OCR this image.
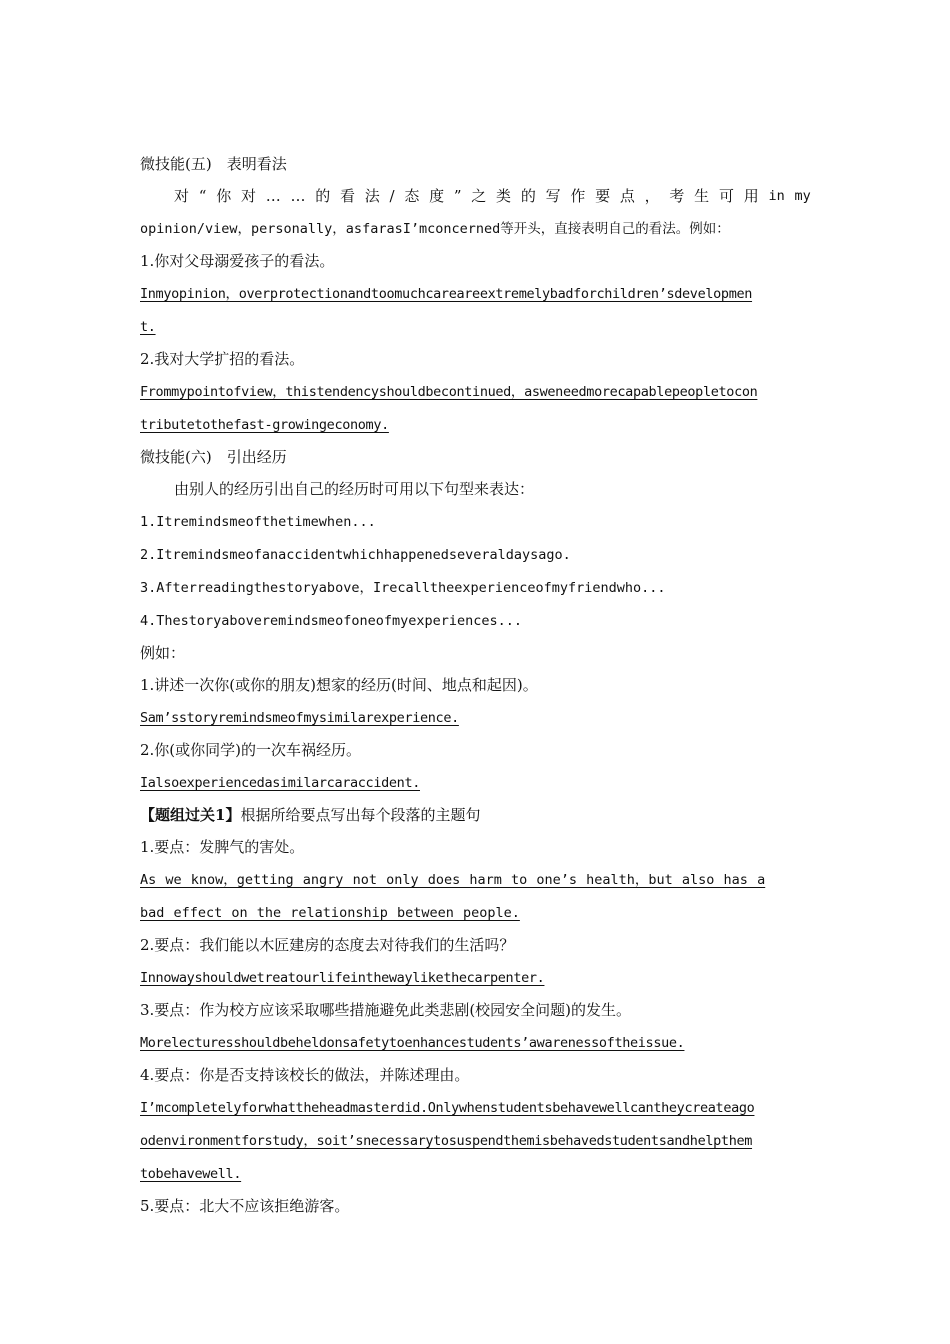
微技能(五)　表明看法
对 “ 你 对 … … 的 看 法 / 态 度 ” 之 类 的 写 作 要 点 ， 考 生 可 用 in my
opinion/view，personally，asfarasI’mconcerned等开头，直接表明自己的看法。例如：
1.你对父母溺爱孩子的看法。
Inmyopinion，overprotectionandtoomuchcareareextremelybadforchildren’sdevelopmen
t.
2.我对大学扩招的看法。
Frommypointofview，thistendencyshouldbecontinued，asweneedmorecapablepeopletocon
tributetothefast-growingeconomy.
微技能(六)　引出经历
由别人的经历引出自己的经历时可用以下句型来表达：
1.Itremindsmeofthetimewhen...
2.Itremindsmeofanaccidentwhichhappenedseveraldaysago.
3.Afterreadingthestoryabove，Irecalltheexperienceofmyfriendwho...
4.Thestoryaboveremindsmeofoneofmyexperiences...
例如：
1.讲述一次你(或你的朋友)想家的经历(时间、地点和起因)。
Sam’sstoryremindsmeofmysimilarexperience.
2.你(或你同学)的一次车祸经历。
Ialsoexperiencedasimilarcaraccident.
【题组过关1】根据所给要点写出每个段落的主题句
1.要点：发脾气的害处。
As we know，getting angry not only does harm to one’s health，but also has a
bad effect on the relationship between people.
2.要点：我们能以木匠建房的态度去对待我们的生活吗？
Innowayshouldwetreatourlifeinthewaylikethecarpenter.
3.要点：作为校方应该采取哪些措施避免此类悲剧(校园安全问题)的发生。
Morelecturesshouldbeheldonsafetytoenhancestudents’awarenessoftheissue.
4.要点：你是否支持该校长的做法，并陈述理由。
I’mcompletelyforwhattheheadmasterdid.Onlywhenstudentsbehavewellcantheycreateago
odenvironmentforstudy，soit’snecessarytosuspendthemisbehavedstudentsandhelpthem
tobehavewell.
5.要点：北大不应该拒绝游客。
